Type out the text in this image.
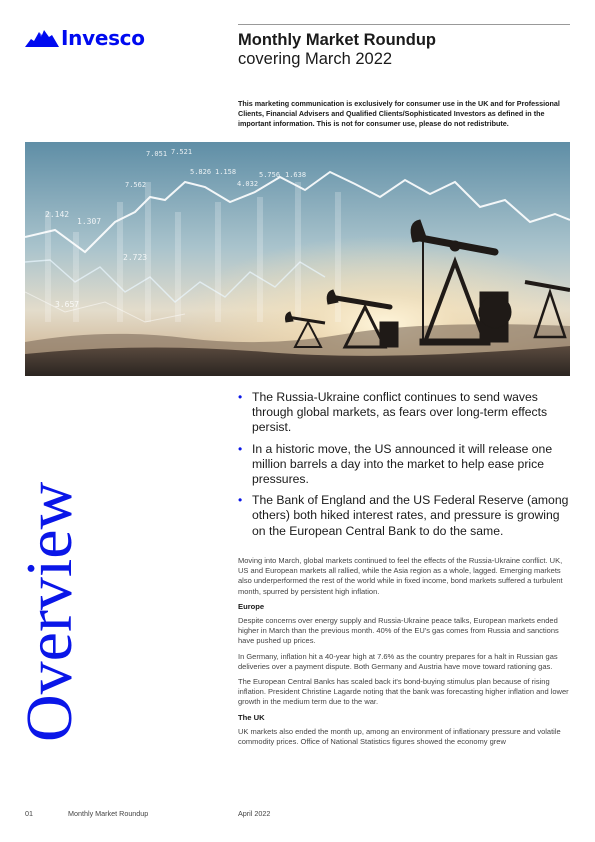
Invesco	Monthly Market Roundup
covering March 2022
This marketing communication is exclusively for consumer use in the UK and for Professional Clients, Financial Advisers and Qualified Clients/Sophisticated Investors as defined in the important information. This is not for consumer use, please do not redistribute.
7.051 7.521
7.562
5.826 1.158
4.032
5.756 1.638
2.142
1.307
2.723
3.657
Overview
• The Russia-Ukraine conflict continues to send waves through global markets, as fears over long-term effects persist.
• In a historic move, the US announced it will release one million barrels a day into the market to help ease price pressures.
• The Bank of England and the US Federal Reserve (among others) both hiked interest rates, and pressure is growing on the European Central Bank to do the same.

Moving into March, global markets continued to feel the effects of the Russia-Ukraine conflict. UK, US and European markets all rallied, while the Asia region as a whole, lagged. Emerging markets also underperformed the rest of the world while in fixed income, bond markets suffered a turbulent month, spurred by persistent high inflation.

Europe

Despite concerns over energy supply and Russia-Ukraine peace talks, European markets ended higher in March than the previous month. 40% of the EU's gas comes from Russia and sanctions have pushed up prices.

In Germany, inflation hit a 40-year high at 7.6% as the country prepares for a halt in Russian gas deliveries over a payment dispute. Both Germany and Austria have move toward rationing gas.

The European Central Banks has scaled back it's bond-buying stimulus plan because of rising inflation. President Christine Lagarde noting that the bank was forecasting higher inflation and lower growth in the medium term due to the war.

The UK

UK markets also ended the month up, among an environment of inflationary pressure and volatile commodity prices. Office of National Statistics figures showed the economy grew

01	Monthly Market Roundup	April 2022
